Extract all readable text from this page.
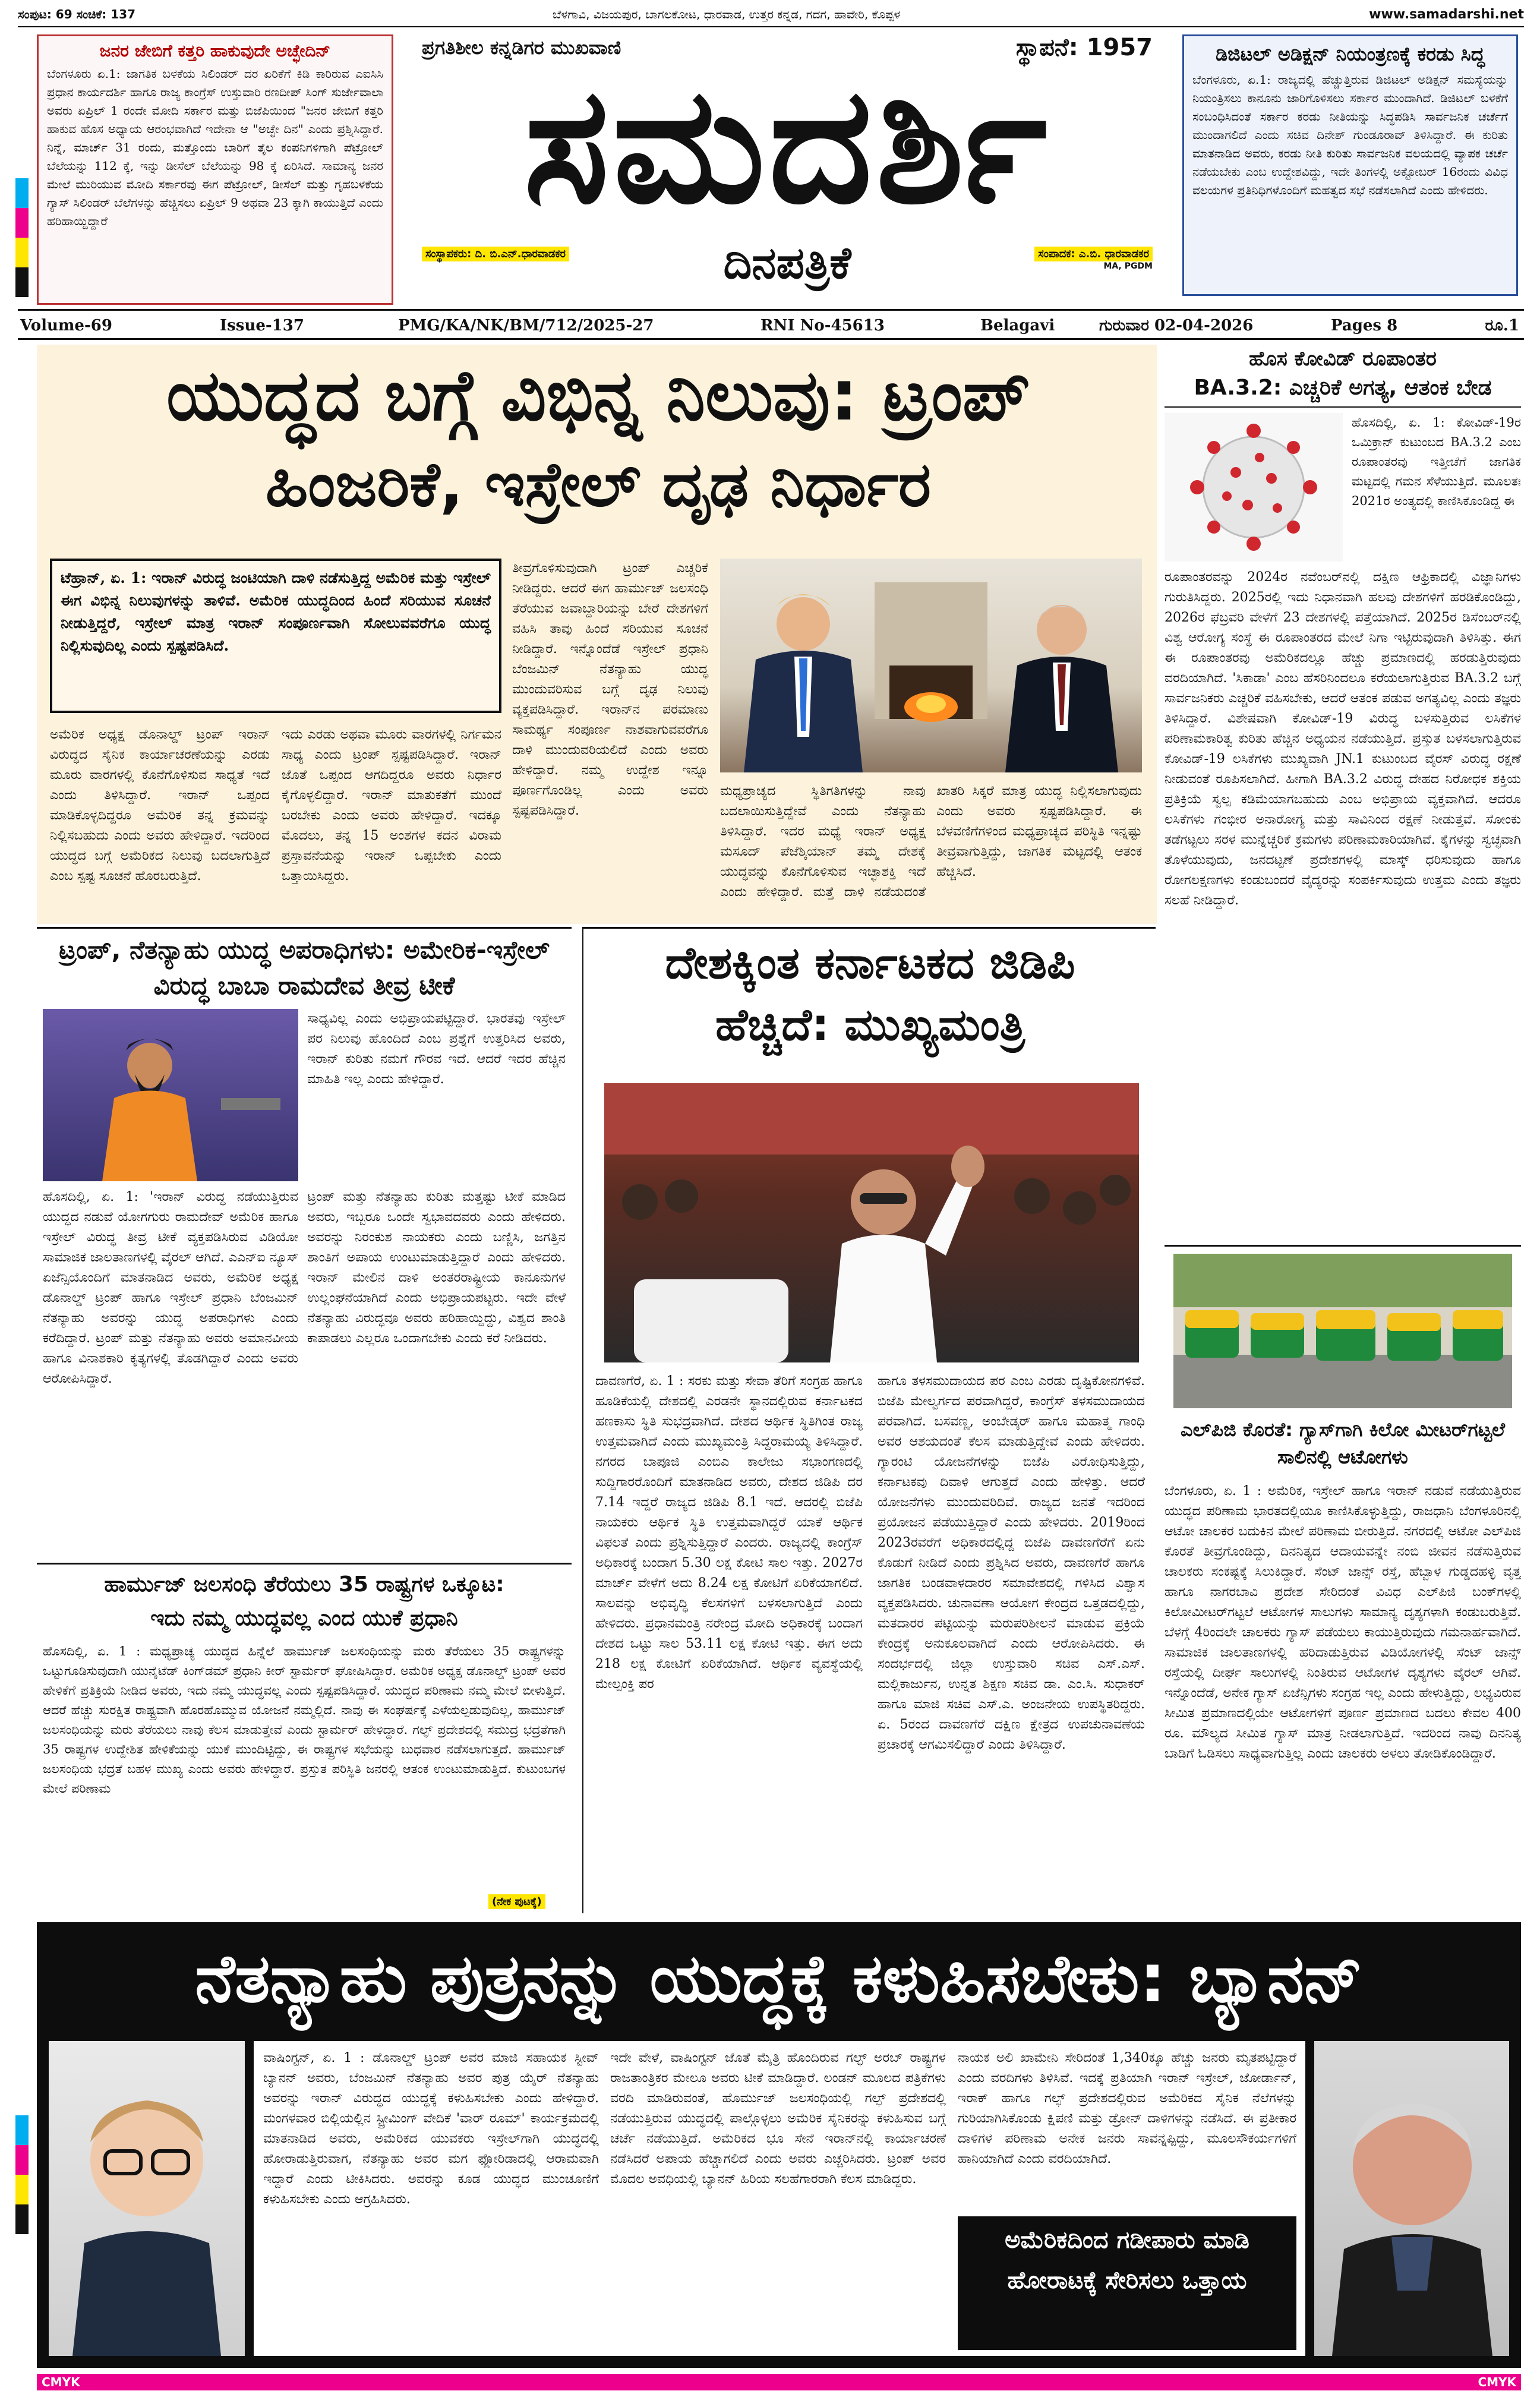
ಸಂಪುಟ: 69 ಸಂಚಿಕೆ: 137	ಬೆಳಗಾವಿ, ವಿಜಯಪುರ, ಬಾಗಲಕೋಟ, ಧಾರವಾಡ, ಉತ್ತರ ಕನ್ನಡ, ಗದಗ, ಹಾವೇರಿ, ಕೊಪ್ಪಳ	www.samadarshi.net
ಜನರ ಜೇಬಿಗೆ ಕತ್ತರಿ ಹಾಕುವುದೇ ಅಚ್ಛೇದಿನ್
ಬೆಂಗಳೂರು ಏ.1: ಜಾಗತಿಕ ಬಳಕೆಯ ಸಿಲಿಂಡರ್ ದರ ಏರಿಕೆಗೆ ಕಿಡಿ ಕಾರಿರುವ ಎಐಸಿಸಿ ಪ್ರಧಾನ ಕಾರ್ಯದರ್ಶಿ ಹಾಗೂ ರಾಜ್ಯ ಕಾಂಗ್ರೆಸ್ ಉಸ್ತುವಾರಿ ರಣದೀಪ್ ಸಿಂಗ್ ಸುರ್ಜೇವಾಲಾ ಅವರು ಏಪ್ರಿಲ್ 1 ರಂದೇ ಮೋದಿ ಸರ್ಕಾರ ಮತ್ತು ಬಿಜೆಪಿಯಿಂದ "ಜನರ ಜೇಬಿಗೆ ಕತ್ತರಿ ಹಾಕುವ ಹೊಸ ಅಧ್ಯಾಯ ಆರಂಭವಾಗಿದೆ ಇದೇನಾ ಆ "ಅಚ್ಛೇ ದಿನ" ಎಂದು ಪ್ರಶ್ನಿಸಿದ್ದಾರೆ. ನಿನ್ನೆ, ಮಾರ್ಚ್ 31 ರಂದು, ಮತ್ತೊಂದು ಬಾರಿಗೆ ತೈಲ ಕಂಪನಿಗಳಿಗಾಗಿ ಪೆಟ್ರೋಲ್ ಬೆಲೆಯನ್ನು 112 ಕ್ಕೆ, ಇನ್ನು ಡೀಸೆಲ್ ಬೆಲೆಯನ್ನು 98 ಕ್ಕೆ ಏರಿಸಿದೆ. ಸಾಮಾನ್ಯ ಜನರ ಮೇಲೆ ಮುರಿಯುವ ಮೋದಿ ಸರ್ಕಾರವು ಈಗ ಪೆಟ್ರೋಲ್, ಡೀಸೆಲ್ ಮತ್ತು ಗೃಹಬಳಕೆಯ ಗ್ಯಾಸ್ ಸಿಲಿಂಡರ್ ಬೆಲೆಗಳನ್ನು ಹೆಚ್ಚಿಸಲು ಏಪ್ರಿಲ್ 9 ಅಥವಾ 23 ಕ್ಕಾಗಿ ಕಾಯುತ್ತಿದೆ ಎಂದು ಹರಿಹಾಯ್ದಿದ್ದಾರೆ
ಪ್ರಗತಿಶೀಲ ಕನ್ನಡಿಗರ ಮುಖವಾಣಿ	ಸ್ಥಾಪನೆ: 1957
ಸಮದರ್ಶಿ
ಸಂಸ್ಥಾಪಕರು: ದಿ. ಬಿ.ಎನ್.ಧಾರವಾಡಕರ	ದಿನಪತ್ರಿಕೆ	ಸಂಪಾದಕ: ಎ.ಬಿ. ಧಾರವಾಡಕರ
MA, PGDM
ಡಿಜಿಟಲ್ ಅಡಿಕ್ಷನ್ ನಿಯಂತ್ರಣಕ್ಕೆ ಕರಡು ಸಿದ್ಧ
ಬೆಂಗಳೂರು, ಏ.1: ರಾಜ್ಯದಲ್ಲಿ ಹೆಚ್ಚುತ್ತಿರುವ ಡಿಜಿಟಲ್ ಅಡಿಕ್ಷನ್ ಸಮಸ್ಯೆಯನ್ನು ನಿಯಂತ್ರಿಸಲು ಕಾನೂನು ಜಾರಿಗೊಳಿಸಲು ಸರ್ಕಾರ ಮುಂದಾಗಿದೆ. ಡಿಜಿಟಲ್ ಬಳಕೆಗೆ ಸಂಬಂಧಿಸಿದಂತೆ ಸರ್ಕಾರ ಕರಡು ನೀತಿಯನ್ನು ಸಿದ್ಧಪಡಿಸಿ ಸಾರ್ವಜನಿಕ ಚರ್ಚೆಗೆ ಮುಂದಾಗಲಿದೆ ಎಂದು ಸಚಿವ ದಿನೇಶ್ ಗುಂಡೂರಾವ್ ತಿಳಿಸಿದ್ದಾರೆ. ಈ ಕುರಿತು ಮಾತನಾಡಿದ ಅವರು, ಕರಡು ನೀತಿ ಕುರಿತು ಸಾರ್ವಜನಿಕ ವಲಯದಲ್ಲಿ ವ್ಯಾಪಕ ಚರ್ಚೆ ನಡೆಯಬೇಕು ಎಂಬ ಉದ್ದೇಶವಿದ್ದು, ಇದೇ ತಿಂಗಳಲ್ಲಿ ಅಕ್ಟೋಬರ್ 16ರಂದು ವಿವಿಧ ವಲಯಗಳ ಪ್ರತಿನಿಧಿಗಳೊಂದಿಗೆ ಮಹತ್ವದ ಸಭೆ ನಡೆಸಲಾಗಿದೆ ಎಂದು ಹೇಳಿದರು.
Volume-69	Issue-137	PMG/KA/NK/BM/712/2025-27	RNI No-45613	Belagavi	ಗುರುವಾರ 02-04-2026	Pages 8	ರೂ.1
ಯುದ್ಧದ ಬಗ್ಗೆ ವಿಭಿನ್ನ ನಿಲುವು: ಟ್ರಂಪ್
ಹಿಂಜರಿಕೆ, ಇಸ್ರೇಲ್ ದೃಢ ನಿರ್ಧಾರ
ಟೆಹ್ರಾನ್, ಏ. 1: ಇರಾನ್ ವಿರುದ್ಧ ಜಂಟಿಯಾಗಿ ದಾಳಿ ನಡೆಸುತ್ತಿದ್ದ ಅಮೆರಿಕ ಮತ್ತು ಇಸ್ರೇಲ್ ಈಗ ವಿಭಿನ್ನ ನಿಲುವುಗಳನ್ನು ತಾಳಿವೆ. ಅಮೆರಿಕ ಯುದ್ಧದಿಂದ ಹಿಂದೆ ಸರಿಯುವ ಸೂಚನೆ ನೀಡುತ್ತಿದ್ದರೆ, ಇಸ್ರೇಲ್ ಮಾತ್ರ ಇರಾನ್ ಸಂಪೂರ್ಣವಾಗಿ ಸೋಲುವವರೆಗೂ ಯುದ್ಧ ನಿಲ್ಲಿಸುವುದಿಲ್ಲ ಎಂದು ಸ್ಪಷ್ಟಪಡಿಸಿದೆ.
ತೀವ್ರಗೊಳಿಸುವುದಾಗಿ ಟ್ರಂಪ್ ಎಚ್ಚರಿಕೆ ನೀಡಿದ್ದರು. ಆದರೆ ಈಗ ಹಾರ್ಮುಜ್ ಜಲಸಂಧಿ ತೆರೆಯುವ ಜವಾಬ್ದಾರಿಯನ್ನು ಬೇರೆ ದೇಶಗಳಿಗೆ ವಹಿಸಿ ತಾವು ಹಿಂದೆ ಸರಿಯುವ ಸೂಚನೆ ನೀಡಿದ್ದಾರೆ. ಇನ್ನೊಂದೆಡೆ ಇಸ್ರೇಲ್ ಪ್ರಧಾನಿ ಬೆಂಜಮಿನ್ ನೆತನ್ಯಾಹು ಯುದ್ಧ ಮುಂದುವರಿಸುವ ಬಗ್ಗೆ ದೃಢ ನಿಲುವು ವ್ಯಕ್ತಪಡಿಸಿದ್ದಾರೆ. ಇರಾನ್‌ನ ಪರಮಾಣು ಸಾಮರ್ಥ್ಯ ಸಂಪೂರ್ಣ ನಾಶವಾಗುವವರೆಗೂ ದಾಳಿ ಮುಂದುವರಿಯಲಿದೆ ಎಂದು ಅವರು ಹೇಳಿದ್ದಾರೆ. ನಮ್ಮ ಉದ್ದೇಶ ಇನ್ನೂ ಪೂರ್ಣಗೊಂಡಿಲ್ಲ ಎಂದು ಅವರು ಸ್ಪಷ್ಟಪಡಿಸಿದ್ದಾರೆ.
ಅಮೆರಿಕ ಅಧ್ಯಕ್ಷ ಡೊನಾಲ್ಡ್ ಟ್ರಂಪ್ ಇರಾನ್ ವಿರುದ್ಧದ ಸೈನಿಕ ಕಾರ್ಯಾಚರಣೆಯನ್ನು ಎರಡು ಮೂರು ವಾರಗಳಲ್ಲಿ ಕೊನೆಗೊಳಿಸುವ ಸಾಧ್ಯತೆ ಇದೆ ಎಂದು ತಿಳಿಸಿದ್ದಾರೆ. ಇರಾನ್ ಒಪ್ಪಂದ ಮಾಡಿಕೊಳ್ಳದಿದ್ದರೂ ಅಮೆರಿಕ ತನ್ನ ಕ್ರಮವನ್ನು ನಿಲ್ಲಿಸಬಹುದು ಎಂದು ಅವರು ಹೇಳಿದ್ದಾರೆ. ಇದರಿಂದ ಯುದ್ಧದ ಬಗ್ಗೆ ಅಮೆರಿಕದ ನಿಲುವು ಬದಲಾಗುತ್ತಿದೆ ಎಂಬ ಸ್ಪಷ್ಟ ಸೂಚನೆ ಹೊರಬರುತ್ತಿದೆ.
ಇದು ಎರಡು ಅಥವಾ ಮೂರು ವಾರಗಳಲ್ಲಿ ನಿರ್ಗಮನ ಸಾಧ್ಯ ಎಂದು ಟ್ರಂಪ್ ಸ್ಪಷ್ಟಪಡಿಸಿದ್ದಾರೆ. ಇರಾನ್ ಜೊತೆ ಒಪ್ಪಂದ ಆಗದಿದ್ದರೂ ಅವರು ನಿರ್ಧಾರ ಕೈಗೊಳ್ಳಲಿದ್ದಾರೆ. ಇರಾನ್ ಮಾತುಕತೆಗೆ ಮುಂದೆ ಬರಬೇಕು ಎಂದು ಅವರು ಹೇಳಿದ್ದಾರೆ. ಇದಕ್ಕೂ ಮೊದಲು, ತನ್ನ 15 ಅಂಶಗಳ ಕದನ ವಿರಾಮ ಪ್ರಸ್ತಾವನೆಯನ್ನು ಇರಾನ್ ಒಪ್ಪಬೇಕು ಎಂದು ಒತ್ತಾಯಿಸಿದ್ದರು.
ಮಧ್ಯಪ್ರಾಚ್ಯದ ಸ್ಥಿತಿಗತಿಗಳನ್ನು ನಾವು ಬದಲಾಯಿಸುತ್ತಿದ್ದೇವೆ ಎಂದು ನೆತನ್ಯಾಹು ತಿಳಿಸಿದ್ದಾರೆ. ಇದರ ಮಧ್ಯೆ ಇರಾನ್ ಅಧ್ಯಕ್ಷ ಮಸೂದ್ ಪೆಜೆಶ್ಕಿಯಾನ್ ತಮ್ಮ ದೇಶಕ್ಕೆ ಯುದ್ಧವನ್ನು ಕೊನೆಗೊಳಿಸುವ ಇಚ್ಛಾಶಕ್ತಿ ಇದೆ ಎಂದು ಹೇಳಿದ್ದಾರೆ. ಮತ್ತೆ ದಾಳಿ ನಡೆಯದಂತೆ ಖಾತರಿ ಸಿಕ್ಕರೆ ಮಾತ್ರ ಯುದ್ಧ ನಿಲ್ಲಿಸಲಾಗುವುದು ಎಂದು ಅವರು ಸ್ಪಷ್ಟಪಡಿಸಿದ್ದಾರೆ. ಈ ಬೆಳವಣಿಗೆಗಳಿಂದ ಮಧ್ಯಪ್ರಾಚ್ಯದ ಪರಿಸ್ಥಿತಿ ಇನ್ನಷ್ಟು ತೀವ್ರವಾಗುತ್ತಿದ್ದು, ಜಾಗತಿಕ ಮಟ್ಟದಲ್ಲಿ ಆತಂಕ ಹೆಚ್ಚಿಸಿದೆ.
ಹೊಸ ಕೋವಿಡ್ ರೂಪಾಂತರ
BA.3.2: ಎಚ್ಚರಿಕೆ ಅಗತ್ಯ, ಆತಂಕ ಬೇಡ
ಹೊಸದಿಲ್ಲಿ, ಏ. 1: ಕೋವಿಡ್-19ರ ಒಮಿಕ್ರಾನ್ ಕುಟುಂಬದ BA.3.2 ಎಂಬ ರೂಪಾಂತರವು ಇತ್ತೀಚೆಗೆ ಜಾಗತಿಕ ಮಟ್ಟದಲ್ಲಿ ಗಮನ ಸೆಳೆಯುತ್ತಿದೆ. ಮೂಲತಃ 2021ರ ಅಂತ್ಯದಲ್ಲಿ ಕಾಣಿಸಿಕೊಂಡಿದ್ದ ಈ
ರೂಪಾಂತರವನ್ನು 2024ರ ನವೆಂಬರ್‌ನಲ್ಲಿ ದಕ್ಷಿಣ ಆಫ್ರಿಕಾದಲ್ಲಿ ವಿಜ್ಞಾನಿಗಳು ಗುರುತಿಸಿದ್ದರು. 2025ರಲ್ಲಿ ಇದು ನಿಧಾನವಾಗಿ ಹಲವು ದೇಶಗಳಿಗೆ ಹರಡಿಕೊಂಡಿದ್ದು, 2026ರ ಫೆಬ್ರವರಿ ವೇಳೆಗೆ 23 ದೇಶಗಳಲ್ಲಿ ಪತ್ತೆಯಾಗಿದೆ. 2025ರ ಡಿಸೆಂಬರ್‌ನಲ್ಲಿ ವಿಶ್ವ ಆರೋಗ್ಯ ಸಂಸ್ಥೆ ಈ ರೂಪಾಂತರದ ಮೇಲೆ ನಿಗಾ ಇಟ್ಟಿರುವುದಾಗಿ ತಿಳಿಸಿತ್ತು. ಈಗ ಈ ರೂಪಾಂತರವು ಅಮೆರಿಕದಲ್ಲೂ ಹೆಚ್ಚು ಪ್ರಮಾಣದಲ್ಲಿ ಹರಡುತ್ತಿರುವುದು ವರದಿಯಾಗಿದೆ. 'ಸಿಕಾಡಾ' ಎಂಬ ಹೆಸರಿನಿಂದಲೂ ಕರೆಯಲಾಗುತ್ತಿರುವ BA.3.2 ಬಗ್ಗೆ ಸಾರ್ವಜನಿಕರು ಎಚ್ಚರಿಕೆ ವಹಿಸಬೇಕು, ಆದರೆ ಆತಂಕ ಪಡುವ ಅಗತ್ಯವಿಲ್ಲ ಎಂದು ತಜ್ಞರು ತಿಳಿಸಿದ್ದಾರೆ. ವಿಶೇಷವಾಗಿ ಕೋವಿಡ್-19 ವಿರುದ್ಧ ಬಳಸುತ್ತಿರುವ ಲಸಿಕೆಗಳ ಪರಿಣಾಮಕಾರಿತ್ವ ಕುರಿತು ಹೆಚ್ಚಿನ ಅಧ್ಯಯನ ನಡೆಯುತ್ತಿದೆ. ಪ್ರಸ್ತುತ ಬಳಸಲಾಗುತ್ತಿರುವ ಕೋವಿಡ್-19 ಲಸಿಕೆಗಳು ಮುಖ್ಯವಾಗಿ JN.1 ಕುಟುಂಬದ ವೈರಸ್ ವಿರುದ್ಧ ರಕ್ಷಣೆ ನೀಡುವಂತೆ ರೂಪಿಸಲಾಗಿದೆ. ಹೀಗಾಗಿ BA.3.2 ವಿರುದ್ಧ ದೇಹದ ನಿರೋಧಕ ಶಕ್ತಿಯ ಪ್ರತಿಕ್ರಿಯೆ ಸ್ವಲ್ಪ ಕಡಿಮೆಯಾಗಬಹುದು ಎಂಬ ಅಭಿಪ್ರಾಯ ವ್ಯಕ್ತವಾಗಿದೆ. ಆದರೂ ಲಸಿಕೆಗಳು ಗಂಭೀರ ಅನಾರೋಗ್ಯ ಮತ್ತು ಸಾವಿನಿಂದ ರಕ್ಷಣೆ ನೀಡುತ್ತವೆ. ಸೋಂಕು ತಡೆಗಟ್ಟಲು ಸರಳ ಮುನ್ನೆಚ್ಚರಿಕೆ ಕ್ರಮಗಳು ಪರಿಣಾಮಕಾರಿಯಾಗಿವೆ. ಕೈಗಳನ್ನು ಸ್ವಚ್ಛವಾಗಿ ತೊಳೆಯುವುದು, ಜನದಟ್ಟಣೆ ಪ್ರದೇಶಗಳಲ್ಲಿ ಮಾಸ್ಕ್ ಧರಿಸುವುದು ಹಾಗೂ ರೋಗಲಕ್ಷಣಗಳು ಕಂಡುಬಂದರೆ ವೈದ್ಯರನ್ನು ಸಂಪರ್ಕಿಸುವುದು ಉತ್ತಮ ಎಂದು ತಜ್ಞರು ಸಲಹೆ ನೀಡಿದ್ದಾರೆ.
ಎಲ್‌ಪಿಜಿ ಕೊರತೆ: ಗ್ಯಾಸ್‌ಗಾಗಿ ಕಿಲೋ ಮೀಟರ್‌ಗಟ್ಟಲೆ ಸಾಲಿನಲ್ಲಿ ಆಟೋಗಳು
ಬೆಂಗಳೂರು, ಏ. 1 : ಅಮೆರಿಕ, ಇಸ್ರೇಲ್ ಹಾಗೂ ಇರಾನ್ ನಡುವೆ ನಡೆಯುತ್ತಿರುವ ಯುದ್ಧದ ಪರಿಣಾಮ ಭಾರತದಲ್ಲಿಯೂ ಕಾಣಿಸಿಕೊಳ್ಳುತ್ತಿದ್ದು, ರಾಜಧಾನಿ ಬೆಂಗಳೂರಿನಲ್ಲಿ ಆಟೋ ಚಾಲಕರ ಬದುಕಿನ ಮೇಲೆ ಪರಿಣಾಮ ಬೀರುತ್ತಿದೆ. ನಗರದಲ್ಲಿ ಆಟೋ ಎಲ್‌ಪಿಜಿ ಕೊರತೆ ತೀವ್ರಗೊಂಡಿದ್ದು, ದಿನನಿತ್ಯದ ಆದಾಯವನ್ನೇ ನಂಬಿ ಜೀವನ ನಡೆಸುತ್ತಿರುವ ಚಾಲಕರು ಸಂಕಷ್ಟಕ್ಕೆ ಸಿಲುಕಿದ್ದಾರೆ. ಸೆಂಟ್ ಜಾನ್ಸ್ ರಸ್ತೆ, ಹೆಬ್ಬಾಳ ಗುಡ್ಡದಹಳ್ಳಿ ವೃತ್ತ ಹಾಗೂ ನಾಗರಬಾವಿ ಪ್ರದೇಶ ಸೇರಿದಂತೆ ವಿವಿಧ ಎಲ್‌ಪಿಜಿ ಬಂಕ್‌ಗಳಲ್ಲಿ ಕಿಲೋಮೀಟರ್‌ಗಟ್ಟಲೆ ಆಟೋಗಳ ಸಾಲುಗಳು ಸಾಮಾನ್ಯ ದೃಶ್ಯಗಳಾಗಿ ಕಂಡುಬರುತ್ತಿವೆ. ಬೆಳಗ್ಗೆ 4ರಿಂದಲೇ ಚಾಲಕರು ಗ್ಯಾಸ್ ಪಡೆಯಲು ಕಾಯುತ್ತಿರುವುದು ಗಮನಾರ್ಹವಾಗಿದೆ. ಸಾಮಾಜಿಕ ಜಾಲತಾಣಗಳಲ್ಲಿ ಹರಿದಾಡುತ್ತಿರುವ ವಿಡಿಯೋಗಳಲ್ಲಿ ಸೆಂಟ್ ಜಾನ್ಸ್ ರಸ್ತೆಯಲ್ಲಿ ದೀರ್ಘ ಸಾಲುಗಳಲ್ಲಿ ನಿಂತಿರುವ ಆಟೋಗಳ ದೃಶ್ಯಗಳು ವೈರಲ್ ಆಗಿವೆ. ಇನ್ನೊಂದೆಡೆ, ಅನೇಕ ಗ್ಯಾಸ್ ಏಜೆನ್ಸಿಗಳು ಸಂಗ್ರಹ ಇಲ್ಲ ಎಂದು ಹೇಳುತ್ತಿದ್ದು, ಲಭ್ಯವಿರುವ ಸೀಮಿತ ಪ್ರಮಾಣದಲ್ಲಿಯೇ ಆಟೋಗಳಿಗೆ ಪೂರ್ಣ ಪ್ರಮಾಣದ ಬದಲು ಕೇವಲ 400 ರೂ. ಮೌಲ್ಯದ ಸೀಮಿತ ಗ್ಯಾಸ್ ಮಾತ್ರ ನೀಡಲಾಗುತ್ತಿದೆ. ಇದರಿಂದ ನಾವು ದಿನನಿತ್ಯ ಬಾಡಿಗೆ ಓಡಿಸಲು ಸಾಧ್ಯವಾಗುತ್ತಿಲ್ಲ ಎಂದು ಚಾಲಕರು ಅಳಲು ತೋಡಿಕೊಂಡಿದ್ದಾರೆ.
ಟ್ರಂಪ್, ನೆತನ್ಯಾಹು ಯುದ್ಧ ಅಪರಾಧಿಗಳು: ಅಮೇರಿಕ-ಇಸ್ರೇಲ್ ವಿರುದ್ಧ ಬಾಬಾ ರಾಮದೇವ ತೀವ್ರ ಟೀಕೆ
ಸಾಧ್ಯವಿಲ್ಲ ಎಂದು ಅಭಿಪ್ರಾಯಪಟ್ಟಿದ್ದಾರೆ. ಭಾರತವು ಇಸ್ರೇಲ್ ಪರ ನಿಲುವು ಹೊಂದಿದೆ ಎಂಬ ಪ್ರಶ್ನೆಗೆ ಉತ್ತರಿಸಿದ ಅವರು, ಇರಾನ್ ಕುರಿತು ನಮಗೆ ಗೌರವ ಇದೆ. ಆದರೆ ಇದರ ಹೆಚ್ಚಿನ ಮಾಹಿತಿ ಇಲ್ಲ ಎಂದು ಹೇಳಿದ್ದಾರೆ.
ಹೊಸದಿಲ್ಲಿ, ಏ. 1: 'ಇರಾನ್ ವಿರುದ್ಧ ನಡೆಯುತ್ತಿರುವ ಯುದ್ಧದ ನಡುವೆ ಯೋಗಗುರು ರಾಮದೇವ್ ಅಮೆರಿಕ ಹಾಗೂ ಇಸ್ರೇಲ್ ವಿರುದ್ಧ ತೀವ್ರ ಟೀಕೆ ವ್ಯಕ್ತಪಡಿಸಿರುವ ವಿಡಿಯೋ ಸಾಮಾಜಿಕ ಜಾಲತಾಣಗಳಲ್ಲಿ ವೈರಲ್ ಆಗಿದೆ. ಎಎನ್‌ಐ ನ್ಯೂಸ್ ಏಜೆನ್ಸಿಯೊಂದಿಗೆ ಮಾತನಾಡಿದ ಅವರು, ಅಮೆರಿಕ ಅಧ್ಯಕ್ಷ ಡೊನಾಲ್ಡ್ ಟ್ರಂಪ್ ಹಾಗೂ ಇಸ್ರೇಲ್ ಪ್ರಧಾನಿ ಬೆಂಜಮಿನ್ ನೆತನ್ಯಾಹು ಅವರನ್ನು ಯುದ್ಧ ಅಪರಾಧಿಗಳು ಎಂದು ಕರೆದಿದ್ದಾರೆ. ಟ್ರಂಪ್ ಮತ್ತು ನೆತನ್ಯಾಹು ಅವರು ಅಮಾನವೀಯ ಹಾಗೂ ವಿನಾಶಕಾರಿ ಕೃತ್ಯಗಳಲ್ಲಿ ತೊಡಗಿದ್ದಾರೆ ಎಂದು ಅವರು ಆರೋಪಿಸಿದ್ದಾರೆ.
ಟ್ರಂಪ್ ಮತ್ತು ನೆತನ್ಯಾಹು ಕುರಿತು ಮತ್ತಷ್ಟು ಟೀಕೆ ಮಾಡಿದ ಅವರು, ಇಬ್ಬರೂ ಒಂದೇ ಸ್ವಭಾವದವರು ಎಂದು ಹೇಳಿದರು. ಅವರನ್ನು ನಿರಂಕುಶ ನಾಯಕರು ಎಂದು ಬಣ್ಣಿಸಿ, ಜಗತ್ತಿನ ಶಾಂತಿಗೆ ಅಪಾಯ ಉಂಟುಮಾಡುತ್ತಿದ್ದಾರೆ ಎಂದು ಹೇಳಿದರು. ಇರಾನ್ ಮೇಲಿನ ದಾಳಿ ಅಂತರರಾಷ್ಟ್ರೀಯ ಕಾನೂನುಗಳ ಉಲ್ಲಂಘನೆಯಾಗಿದೆ ಎಂದು ಅಭಿಪ್ರಾಯಪಟ್ಟರು. ಇದೇ ವೇಳೆ ನೆತನ್ಯಾಹು ವಿರುದ್ಧವೂ ಅವರು ಹರಿಹಾಯ್ದಿದ್ದು, ವಿಶ್ವದ ಶಾಂತಿ ಕಾಪಾಡಲು ಎಲ್ಲರೂ ಒಂದಾಗಬೇಕು ಎಂದು ಕರೆ ನೀಡಿದರು.
ಹಾರ್ಮುಜ್ ಜಲಸಂಧಿ ತೆರೆಯಲು 35 ರಾಷ್ಟ್ರಗಳ ಒಕ್ಕೂಟ:
ಇದು ನಮ್ಮ ಯುದ್ಧವಲ್ಲ ಎಂದ ಯುಕೆ ಪ್ರಧಾನಿ
ಹೊಸದಿಲ್ಲಿ, ಏ. 1 : ಮಧ್ಯಪ್ರಾಚ್ಯ ಯುದ್ಧದ ಹಿನ್ನೆಲೆ ಹಾರ್ಮುಜ್ ಜಲಸಂಧಿಯನ್ನು ಮರು ತೆರೆಯಲು 35 ರಾಷ್ಟ್ರಗಳನ್ನು ಒಟ್ಟುಗೂಡಿಸುವುದಾಗಿ ಯುನೈಟೆಡ್ ಕಿಂಗ್‌ಡಮ್ ಪ್ರಧಾನಿ ಕೀರ್ ಸ್ಟಾರ್ಮರ್ ಘೋಷಿಸಿದ್ದಾರೆ. ಅಮೆರಿಕ ಅಧ್ಯಕ್ಷ ಡೊನಾಲ್ಡ್ ಟ್ರಂಪ್ ಅವರ ಹೇಳಿಕೆಗೆ ಪ್ರತಿಕ್ರಿಯೆ ನೀಡಿದ ಅವರು, ಇದು ನಮ್ಮ ಯುದ್ಧವಲ್ಲ ಎಂದು ಸ್ಪಷ್ಟಪಡಿಸಿದ್ದಾರೆ. ಯುದ್ಧದ ಪರಿಣಾಮ ನಮ್ಮ ಮೇಲೆ ಬೀಳುತ್ತಿದೆ. ಆದರೆ ಹೆಚ್ಚು ಸುರಕ್ಷಿತ ರಾಷ್ಟ್ರವಾಗಿ ಹೊರಹೊಮ್ಮುವ ಯೋಜನೆ ನಮ್ಮಲ್ಲಿದೆ. ನಾವು ಈ ಸಂಘರ್ಷಕ್ಕೆ ಎಳೆಯಲ್ಪಡುವುದಿಲ್ಲ, ಹಾರ್ಮುಜ್ ಜಲಸಂಧಿಯನ್ನು ಮರು ತೆರೆಯಲು ನಾವು ಕೆಲಸ ಮಾಡುತ್ತೇವೆ ಎಂದು ಸ್ಟಾರ್ಮರ್ ಹೇಳಿದ್ದಾರೆ. ಗಲ್ಫ್ ಪ್ರದೇಶದಲ್ಲಿ ಸಮುದ್ರ ಭದ್ರತೆಗಾಗಿ 35 ರಾಷ್ಟ್ರಗಳ ಉದ್ದೇಶಿತ ಹೇಳಿಕೆಯನ್ನು ಯುಕೆ ಮುಂದಿಟ್ಟಿದ್ದು, ಈ ರಾಷ್ಟ್ರಗಳ ಸಭೆಯನ್ನು ಬುಧವಾರ ನಡೆಸಲಾಗುತ್ತದೆ. ಹಾರ್ಮುಜ್ ಜಲಸಂಧಿಯ ಭದ್ರತೆ ಬಹಳ ಮುಖ್ಯ ಎಂದು ಅವರು ಹೇಳಿದ್ದಾರೆ. ಪ್ರಸ್ತುತ ಪರಿಸ್ಥಿತಿ ಜನರಲ್ಲಿ ಆತಂಕ ಉಂಟುಮಾಡುತ್ತಿದೆ. ಕುಟುಂಬಗಳ ಮೇಲೆ ಪರಿಣಾಮ
(ನೇಕ ಪುಟಕ್ಕೆ)
ದೇಶಕ್ಕಿಂತ ಕರ್ನಾಟಕದ ಜಿಡಿಪಿ
ಹೆಚ್ಚಿದೆ: ಮುಖ್ಯಮಂತ್ರಿ
ದಾವಣಗೆರೆ, ಏ. 1 : ಸರಕು ಮತ್ತು ಸೇವಾ ತೆರಿಗೆ ಸಂಗ್ರಹ ಹಾಗೂ ಹೂಡಿಕೆಯಲ್ಲಿ ದೇಶದಲ್ಲಿ ಎರಡನೇ ಸ್ಥಾನದಲ್ಲಿರುವ ಕರ್ನಾಟಕದ ಹಣಕಾಸು ಸ್ಥಿತಿ ಸುಭದ್ರವಾಗಿದೆ. ದೇಶದ ಆರ್ಥಿಕ ಸ್ಥಿತಿಗಿಂತ ರಾಜ್ಯ ಉತ್ತಮವಾಗಿದೆ ಎಂದು ಮುಖ್ಯಮಂತ್ರಿ ಸಿದ್ದರಾಮಯ್ಯ ತಿಳಿಸಿದ್ದಾರೆ. ನಗರದ ಬಾಪೂಜಿ ಎಂಬಿಎ ಕಾಲೇಜು ಸಭಾಂಗಣದಲ್ಲಿ ಸುದ್ದಿಗಾರರೊಂದಿಗೆ ಮಾತನಾಡಿದ ಅವರು, ದೇಶದ ಜಿಡಿಪಿ ದರ 7.14 ಇದ್ದರೆ ರಾಜ್ಯದ ಜಿಡಿಪಿ 8.1 ಇದೆ. ಆದರಲ್ಲಿ ಬಿಜೆಪಿ ನಾಯಕರು ಆರ್ಥಿಕ ಸ್ಥಿತಿ ಉತ್ತಮವಾಗಿದ್ದರೆ ಯಾಕೆ ಆರ್ಥಿಕ ವಿಫಲತೆ ಎಂದು ಪ್ರಶ್ನಿಸುತ್ತಿದ್ದಾರೆ ಎಂದರು. ರಾಜ್ಯದಲ್ಲಿ ಕಾಂಗ್ರೆಸ್ ಅಧಿಕಾರಕ್ಕೆ ಬಂದಾಗ 5.30 ಲಕ್ಷ ಕೋಟಿ ಸಾಲ ಇತ್ತು. 2027ರ ಮಾರ್ಚ್ ವೇಳೆಗೆ ಅದು 8.24 ಲಕ್ಷ ಕೋಟಿಗೆ ಏರಿಕೆಯಾಗಲಿದೆ. ಸಾಲವನ್ನು ಅಭಿವೃದ್ಧಿ ಕೆಲಸಗಳಿಗೆ ಬಳಸಲಾಗುತ್ತಿದೆ ಎಂದು ಹೇಳಿದರು. ಪ್ರಧಾನಮಂತ್ರಿ ನರೇಂದ್ರ ಮೋದಿ ಅಧಿಕಾರಕ್ಕೆ ಬಂದಾಗ ದೇಶದ ಒಟ್ಟು ಸಾಲ 53.11 ಲಕ್ಷ ಕೋಟಿ ಇತ್ತು. ಈಗ ಅದು 218 ಲಕ್ಷ ಕೋಟಿಗೆ ಏರಿಕೆಯಾಗಿದೆ. ಆರ್ಥಿಕ ವ್ಯವಸ್ಥೆಯಲ್ಲಿ ಮೇಲ್ಪಂಕ್ತಿ ಪರ
ಹಾಗೂ ತಳಸಮುದಾಯದ ಪರ ಎಂಬ ಎರಡು ದೃಷ್ಟಿಕೋನಗಳಿವೆ. ಬಿಜೆಪಿ ಮೇಲ್ವರ್ಗದ ಪರವಾಗಿದ್ದರೆ, ಕಾಂಗ್ರೆಸ್ ತಳಸಮುದಾಯದ ಪರವಾಗಿದೆ. ಬಸವಣ್ಣ, ಅಂಬೇಡ್ಕರ್ ಹಾಗೂ ಮಹಾತ್ಮ ಗಾಂಧಿ ಅವರ ಆಶಯದಂತೆ ಕೆಲಸ ಮಾಡುತ್ತಿದ್ದೇವೆ ಎಂದು ಹೇಳಿದರು. ಗ್ಯಾರಂಟಿ ಯೋಜನೆಗಳನ್ನು ಬಿಜೆಪಿ ವಿರೋಧಿಸುತ್ತಿದ್ದು, ಕರ್ನಾಟಕವು ದಿವಾಳಿ ಆಗುತ್ತದೆ ಎಂದು ಹೇಳಿತ್ತು. ಆದರೆ ಯೋಜನೆಗಳು ಮುಂದುವರಿದಿವೆ. ರಾಜ್ಯದ ಜನತೆ ಇದರಿಂದ ಪ್ರಯೋಜನ ಪಡೆಯುತ್ತಿದ್ದಾರೆ ಎಂದು ಹೇಳಿದರು. 2019ರಿಂದ 2023ರವರೆಗೆ ಅಧಿಕಾರದಲ್ಲಿದ್ದ ಬಿಜೆಪಿ ದಾವಣಗೆರೆಗೆ ಏನು ಕೊಡುಗೆ ನೀಡಿದೆ ಎಂದು ಪ್ರಶ್ನಿಸಿದ ಅವರು, ದಾವಣಗೆರೆ ಹಾಗೂ ಜಾಗತಿಕ ಬಂಡವಾಳದಾರರ ಸಮಾವೇಶದಲ್ಲಿ ಗಳಿಸಿದ ವಿಶ್ವಾಸ ವ್ಯಕ್ತಪಡಿಸಿದರು. ಚುನಾವಣಾ ಆಯೋಗ ಕೇಂದ್ರದ ಒತ್ತಡದಲ್ಲಿದ್ದು, ಮತದಾರರ ಪಟ್ಟಿಯನ್ನು ಮರುಪರಿಶೀಲನೆ ಮಾಡುವ ಪ್ರಕ್ರಿಯೆ ಕೇಂದ್ರಕ್ಕೆ ಅನುಕೂಲವಾಗಿದೆ ಎಂದು ಆರೋಪಿಸಿದರು. ಈ ಸಂದರ್ಭದಲ್ಲಿ ಜಿಲ್ಲಾ ಉಸ್ತುವಾರಿ ಸಚಿವ ಎಸ್.ಎಸ್. ಮಲ್ಲಿಕಾರ್ಜುನ, ಉನ್ನತ ಶಿಕ್ಷಣ ಸಚಿವ ಡಾ. ಎಂ.ಸಿ. ಸುಧಾಕರ್ ಹಾಗೂ ಮಾಜಿ ಸಚಿವ ಎಸ್.ಎ. ಅಂಜನೇಯ ಉಪಸ್ಥಿತರಿದ್ದರು. ಏ. 5ರಂದ ದಾವಣಗೆರೆ ದಕ್ಷಿಣ ಕ್ಷೇತ್ರದ ಉಪಚುನಾವಣೆಯ ಪ್ರಚಾರಕ್ಕೆ ಆಗಮಿಸಲಿದ್ದಾರೆ ಎಂದು ತಿಳಿಸಿದ್ದಾರೆ.
ನೆತನ್ಯಾಹು ಪುತ್ರನನ್ನು ಯುದ್ಧಕ್ಕೆ ಕಳುಹಿಸಬೇಕು: ಬ್ಯಾನನ್
ವಾಷಿಂಗ್ಟನ್, ಏ. 1 : ಡೊನಾಲ್ಡ್ ಟ್ರಂಪ್ ಅವರ ಮಾಜಿ ಸಹಾಯಕ ಸ್ಟೀವ್ ಬ್ಯಾನನ್ ಅವರು, ಬೆಂಜಮಿನ್ ನೆತನ್ಯಾಹು ಅವರ ಪುತ್ರ ಯೈರ್ ನೆತನ್ಯಾಹು ಅವರನ್ನು ಇರಾನ್ ವಿರುದ್ಧದ ಯುದ್ಧಕ್ಕೆ ಕಳುಹಿಸಬೇಕು ಎಂದು ಹೇಳಿದ್ದಾರೆ. ಮಂಗಳವಾರ ಬಿಲ್ಲಿಯಲ್ಲಿನ ಸ್ಟ್ರೀಮಿಂಗ್ ವೇದಿಕೆ 'ವಾರ್ ರೂಮ್' ಕಾರ್ಯಕ್ರಮದಲ್ಲಿ ಮಾತನಾಡಿದ ಅವರು, ಅಮೆರಿಕದ ಯುವಕರು ಇಸ್ರೇಲ್‌ಗಾಗಿ ಯುದ್ಧದಲ್ಲಿ ಹೋರಾಡುತ್ತಿರುವಾಗ, ನೆತನ್ಯಾಹು ಅವರ ಮಗ ಫ್ಲೋರಿಡಾದಲ್ಲಿ ಆರಾಮವಾಗಿ ಇದ್ದಾರೆ ಎಂದು ಟೀಕಿಸಿದರು. ಅವರನ್ನು ಕೂಡ ಯುದ್ಧದ ಮುಂಚೂಣಿಗೆ ಕಳುಹಿಸಬೇಕು ಎಂದು ಆಗ್ರಹಿಸಿದರು.
ಇದೇ ವೇಳೆ, ವಾಷಿಂಗ್ಟನ್ ಜೊತೆ ಮೈತ್ರಿ ಹೊಂದಿರುವ ಗಲ್ಫ್ ಅರಬ್ ರಾಷ್ಟ್ರಗಳ ರಾಜತಾಂತ್ರಿಕರ ಮೇಲೂ ಅವರು ಟೀಕೆ ಮಾಡಿದ್ದಾರೆ. ಲಂಡನ್ ಮೂಲದ ಪತ್ರಿಕೆಗಳು ವರದಿ ಮಾಡಿರುವಂತೆ, ಹೊರ್ಮುಜ್ ಜಲಸಂಧಿಯಲ್ಲಿ ಗಲ್ಫ್ ಪ್ರದೇಶದಲ್ಲಿ ನಡೆಯುತ್ತಿರುವ ಯುದ್ಧದಲ್ಲಿ ಪಾಲ್ಗೊಳ್ಳಲು ಅಮೆರಿಕ ಸೈನಿಕರನ್ನು ಕಳುಹಿಸುವ ಬಗ್ಗೆ ಚರ್ಚೆ ನಡೆಯುತ್ತಿದೆ. ಅಮೆರಿಕದ ಭೂ ಸೇನೆ ಇರಾನ್‌ನಲ್ಲಿ ಕಾರ್ಯಾಚರಣೆ ನಡೆಸಿದರೆ ಅಪಾಯ ಹೆಚ್ಚಾಗಲಿದೆ ಎಂದು ಅವರು ಎಚ್ಚರಿಸಿದರು. ಟ್ರಂಪ್ ಅವರ ಮೊದಲ ಅವಧಿಯಲ್ಲಿ ಬ್ಯಾನನ್ ಹಿರಿಯ ಸಲಹೆಗಾರರಾಗಿ ಕೆಲಸ ಮಾಡಿದ್ದರು.
ನಾಯಕ ಅಲಿ ಖಾಮೇನಿ ಸೇರಿದಂತೆ 1,340ಕ್ಕೂ ಹೆಚ್ಚು ಜನರು ಮೃತಪಟ್ಟಿದ್ದಾರೆ ಎಂದು ವರದಿಗಳು ತಿಳಿಸಿವೆ. ಇದಕ್ಕೆ ಪ್ರತಿಯಾಗಿ ಇರಾನ್ ಇಸ್ರೇಲ್, ಜೋರ್ಡಾನ್, ಇರಾಕ್ ಹಾಗೂ ಗಲ್ಫ್ ಪ್ರದೇಶದಲ್ಲಿರುವ ಅಮೆರಿಕದ ಸೈನಿಕ ನೆಲೆಗಳನ್ನು ಗುರಿಯಾಗಿಸಿಕೊಂಡು ಕ್ಷಿಪಣಿ ಮತ್ತು ಡ್ರೋನ್ ದಾಳಿಗಳನ್ನು ನಡೆಸಿದೆ. ಈ ಪ್ರತೀಕಾರ ದಾಳಿಗಳ ಪರಿಣಾಮ ಅನೇಕ ಜನರು ಸಾವನ್ನಪ್ಪಿದ್ದು, ಮೂಲಸೌಕರ್ಯಗಳಿಗೆ ಹಾನಿಯಾಗಿದೆ ಎಂದು ವರದಿಯಾಗಿದೆ.
ಅಮೆರಿಕದಿಂದ ಗಡೀಪಾರು ಮಾಡಿ ಹೋರಾಟಕ್ಕೆ ಸೇರಿಸಲು ಒತ್ತಾಯ
CMYK	CMYK
